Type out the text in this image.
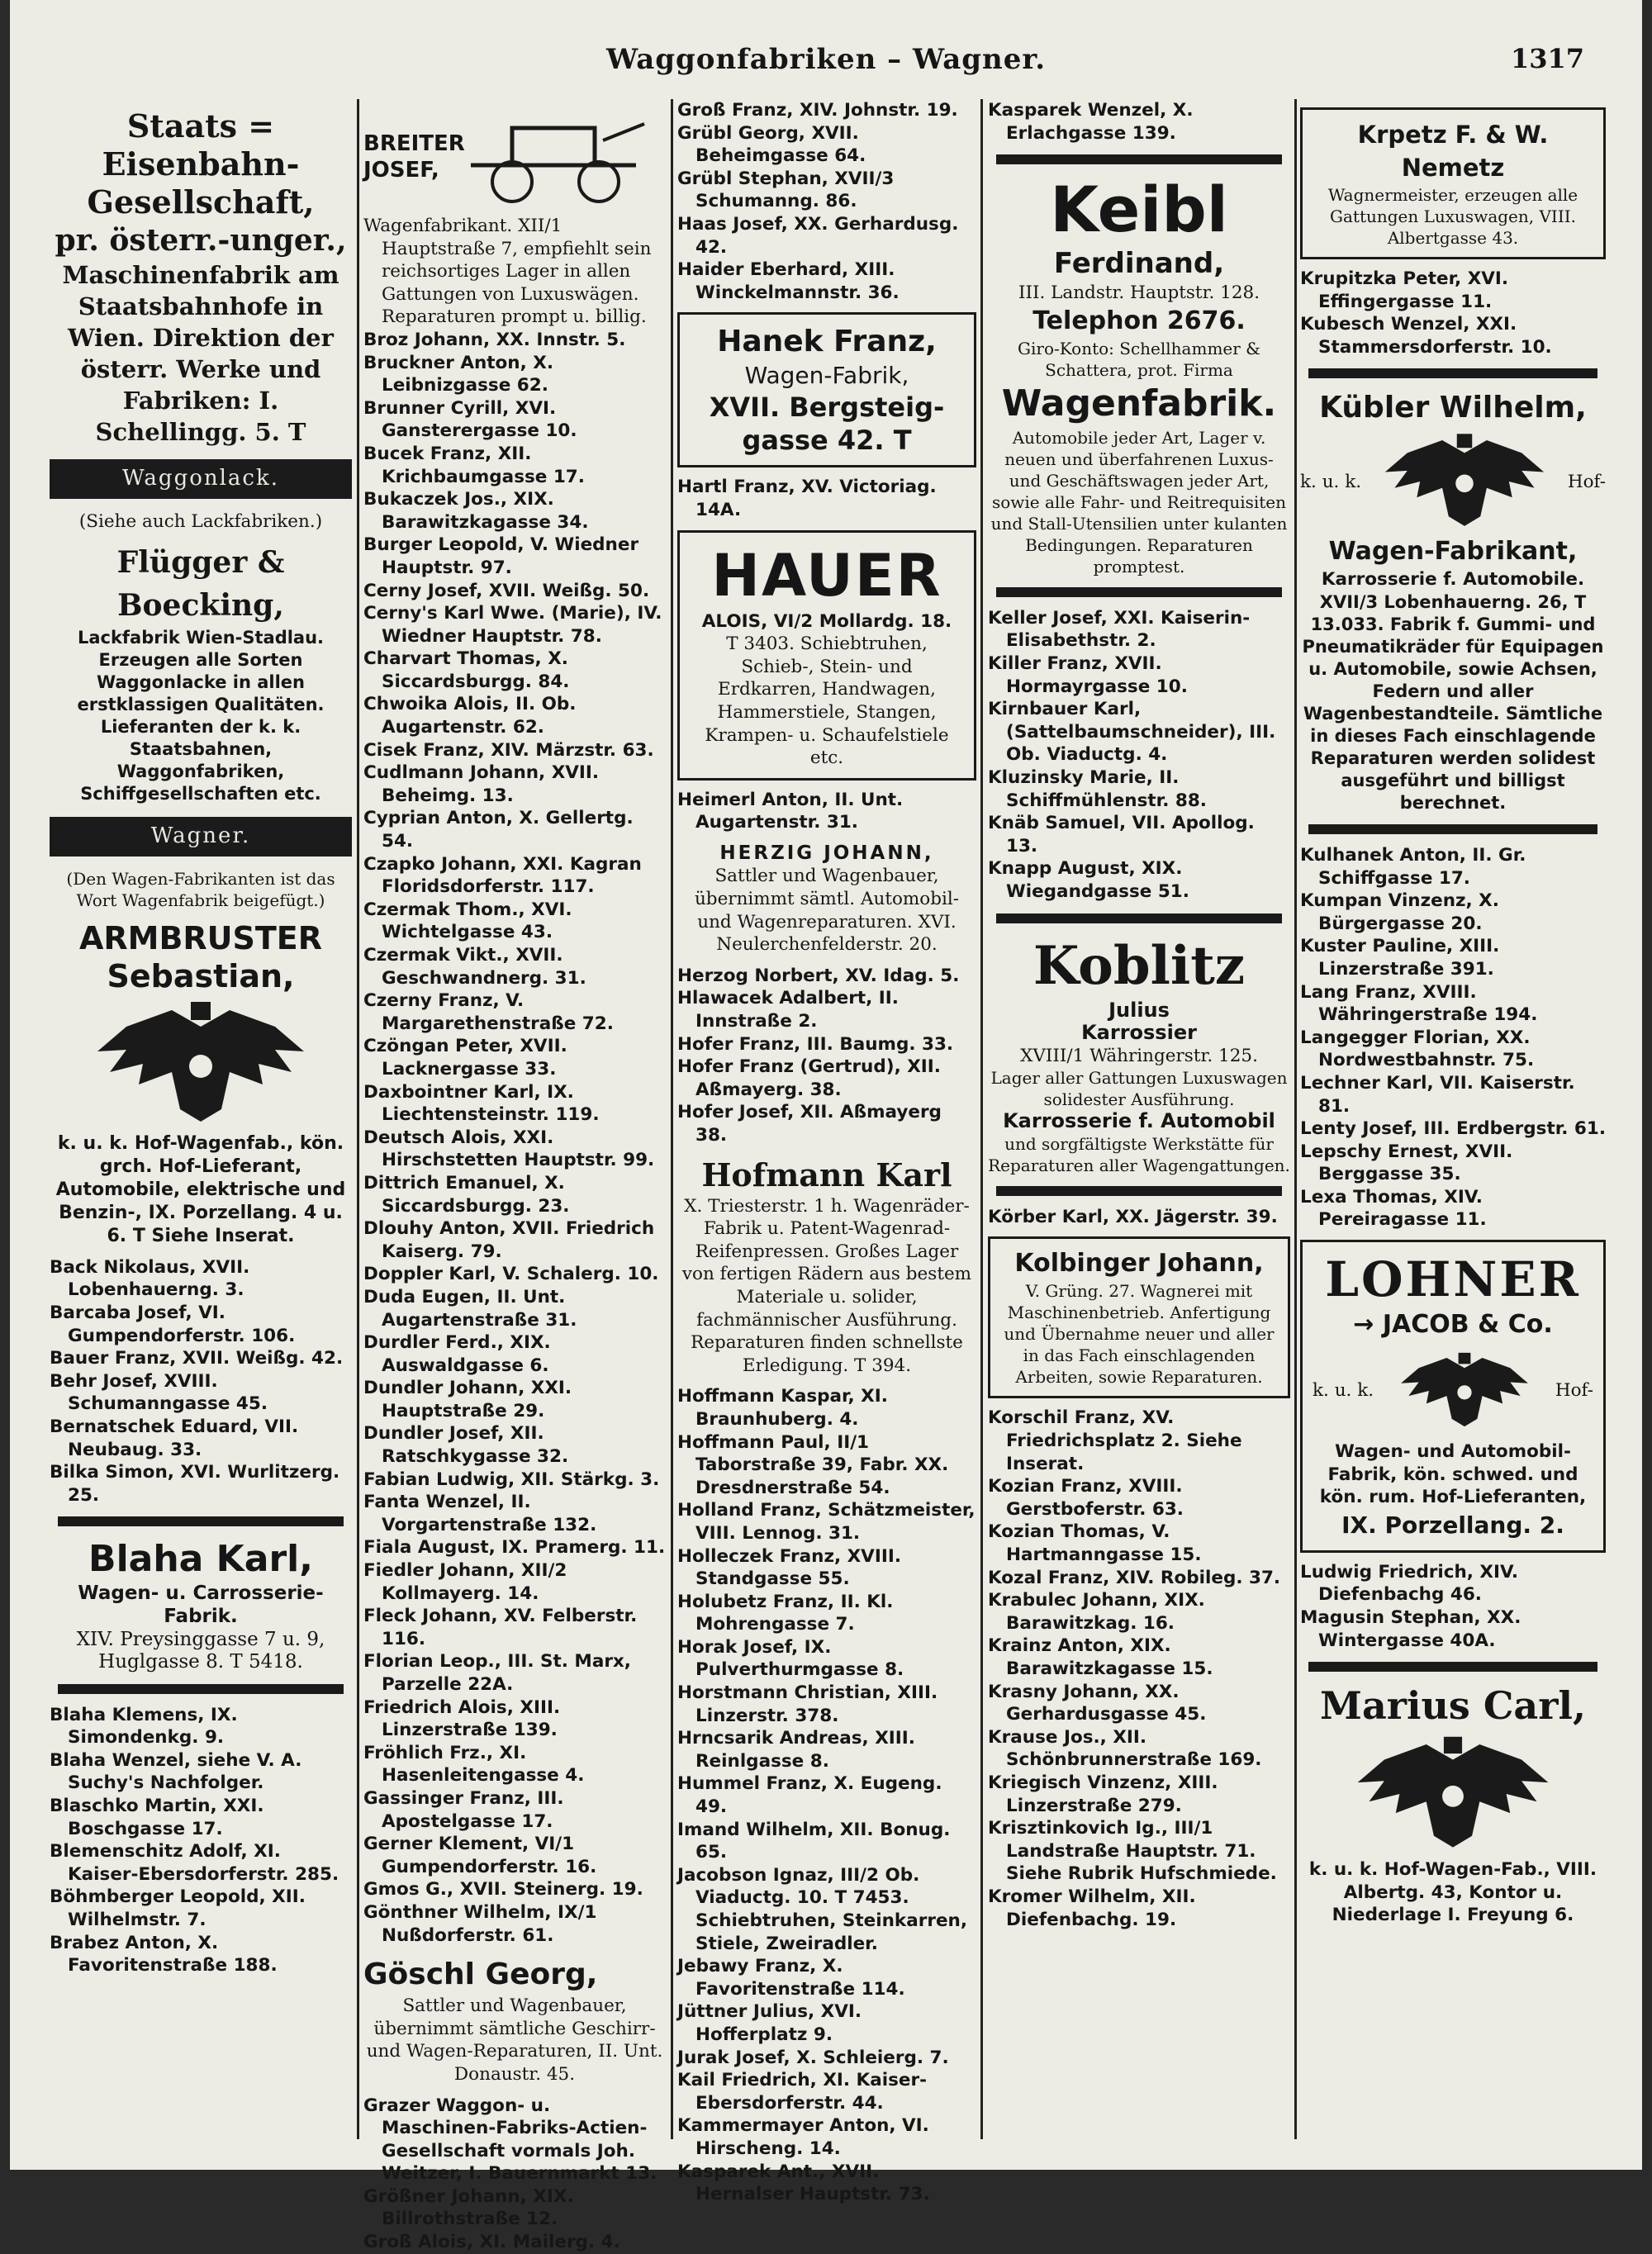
Waggonfabriken – Wagner.	1317
Staats = Eisenbahn-Gesellschaft,
pr. österr.-unger.,
Maschinenfabrik am Staatsbahnhofe in Wien. Direktion der österr. Werke und Fabriken: I. Schellingg. 5. T
Waggonlack.
(Siehe auch Lackfabriken.)
Flügger & Boecking,
Lackfabrik Wien-Stadlau. Erzeugen alle Sorten Waggonlacke in allen erstklassigen Qualitäten. Lieferanten der k. k. Staatsbahnen, Waggonfabriken, Schiffgesellschaften etc.
Wagner.
(Den Wagen-Fabrikanten ist das Wort Wagenfabrik beigefügt.)
ARMBRUSTER
Sebastian,
k. u. k. Hof-Wagenfab., kön. grch. Hof-Lieferant, Automobile, elektrische und Benzin-, IX. Porzellang. 4 u. 6. T Siehe Inserat.

Back Nikolaus, XVII. Lobenhauerng. 3.

Barcaba Josef, VI. Gumpendorferstr. 106.

Bauer Franz, XVII. Weißg. 42.

Behr Josef, XVIII. Schumanngasse 45.

Bernatschek Eduard, VII. Neubaug. 33.

Bilka Simon, XVI. Wurlitzerg. 25.

Blaha Karl,
Wagen- u. Carrosserie-Fabrik.
XIV. Preysinggasse 7 u. 9,
Huglgasse 8. T 5418.

Blaha Klemens, IX. Simondenkg. 9.

Blaha Wenzel, siehe V. A. Suchy's Nachfolger.

Blaschko Martin, XXI. Boschgasse 17.

Blemenschitz Adolf, XI. Kaiser-Ebersdorferstr. 285.

Böhmberger Leopold, XII. Wilhelmstr. 7.

Brabez Anton, X. Favoritenstraße 188.

BREITER
JOSEF,

Wagenfabrikant. XII/1 Hauptstraße 7, empfiehlt sein reichsortiges Lager in allen Gattungen von Luxuswägen. Reparaturen prompt u. billig.

Broz Johann, XX. Innstr. 5.

Bruckner Anton, X. Leibnizgasse 62.

Brunner Cyrill, XVI. Gansterergasse 10.

Bucek Franz, XII. Krichbaumgasse 17.

Bukaczek Jos., XIX. Barawitzkagasse 34.

Burger Leopold, V. Wiedner Hauptstr. 97.

Cerny Josef, XVII. Weißg. 50.

Cerny's Karl Wwe. (Marie), IV. Wiedner Hauptstr. 78.

Charvart Thomas, X. Siccardsburgg. 84.

Chwoika Alois, II. Ob. Augartenstr. 62.

Cisek Franz, XIV. Märzstr. 63.

Cudlmann Johann, XVII. Beheimg. 13.

Cyprian Anton, X. Gellertg. 54.

Czapko Johann, XXI. Kagran Floridsdorferstr. 117.

Czermak Thom., XVI. Wichtelgasse 43.

Czermak Vikt., XVII. Geschwandnerg. 31.

Czerny Franz, V. Margarethenstraße 72.

Czöngan Peter, XVII. Lacknergasse 33.

Daxbointner Karl, IX. Liechtensteinstr. 119.

Deutsch Alois, XXI. Hirschstetten Hauptstr. 99.

Dittrich Emanuel, X. Siccardsburgg. 23.

Dlouhy Anton, XVII. Friedrich Kaiserg. 79.

Doppler Karl, V. Schalerg. 10.

Duda Eugen, II. Unt. Augartenstraße 31.

Durdler Ferd., XIX. Auswaldgasse 6.

Dundler Johann, XXI. Hauptstraße 29.

Dundler Josef, XII. Ratschkygasse 32.

Fabian Ludwig, XII. Stärkg. 3.

Fanta Wenzel, II. Vorgartenstraße 132.

Fiala August, IX. Pramerg. 11.

Fiedler Johann, XII/2 Kollmayerg. 14.

Fleck Johann, XV. Felberstr. 116.

Florian Leop., III. St. Marx, Parzelle 22A.

Friedrich Alois, XIII. Linzerstraße 139.

Fröhlich Frz., XI. Hasenleitengasse 4.

Gassinger Franz, III. Apostelgasse 17.

Gerner Klement, VI/1 Gumpendorferstr. 16.

Gmos G., XVII. Steinerg. 19.

Gönthner Wilhelm, IX/1 Nußdorferstr. 61.

Göschl Georg,
Sattler und Wagenbauer, übernimmt sämtliche Geschirr- und Wagen-Reparaturen, II. Unt. Donaustr. 45.

Grazer Waggon- u. Maschinen-Fabriks-Actien-Gesellschaft vormals Joh. Weitzer, I. Bauernmarkt 13.

Größner Johann, XIX. Billrothstraße 12.

Groß Alois, XI. Mailerg. 4.

Groß Franz, XIV. Johnstr. 19.

Grübl Georg, XVII. Beheimgasse 64.

Grübl Stephan, XVII/3 Schumanng. 86.

Haas Josef, XX. Gerhardusg. 42.

Haider Eberhard, XIII. Winckelmannstr. 36.

Hanek Franz,
Wagen-Fabrik,
XVII. Bergsteig-
gasse 42. T

Hartl Franz, XV. Victoriag. 14A.

HAUER
ALOIS, VI/2 Mollardg. 18.
T 3403. Schiebtruhen, Schieb-, Stein- und Erdkarren, Handwagen, Hammerstiele, Stangen, Krampen- u. Schaufelstiele etc.

Heimerl Anton, II. Unt. Augartenstr. 31.

HERZIG JOHANN,
Sattler und Wagenbauer, übernimmt sämtl. Automobil- und Wagenreparaturen. XVI. Neulerchenfelderstr. 20.

Herzog Norbert, XV. Idag. 5.

Hlawacek Adalbert, II. Innstraße 2.

Hofer Franz, III. Baumg. 33.

Hofer Franz (Gertrud), XII. Aßmayerg. 38.

Hofer Josef, XII. Aßmayerg 38.

Hofmann Karl
X. Triesterstr. 1 h. Wagenräder-Fabrik u. Patent-Wagenrad-Reifenpressen. Großes Lager von fertigen Rädern aus bestem Materiale u. solider, fachmännischer Ausführung. Reparaturen finden schnellste Erledigung. T 394.

Hoffmann Kaspar, XI. Braunhuberg. 4.

Hoffmann Paul, II/1 Taborstraße 39, Fabr. XX. Dresdnerstraße 54.

Holland Franz, Schätzmeister, VIII. Lennog. 31.

Holleczek Franz, XVIII. Standgasse 55.

Holubetz Franz, II. Kl. Mohrengasse 7.

Horak Josef, IX. Pulverthurmgasse 8.

Horstmann Christian, XIII. Linzerstr. 378.

Hrncsarik Andreas, XIII. Reinlgasse 8.

Hummel Franz, X. Eugeng. 49.

Imand Wilhelm, XII. Bonug. 65.

Jacobson Ignaz, III/2 Ob. Viaductg. 10. T 7453. Schiebtruhen, Steinkarren, Stiele, Zweiradler.

Jebawy Franz, X. Favoritenstraße 114.

Jüttner Julius, XVI. Hofferplatz 9.

Jurak Josef, X. Schleierg. 7.

Kail Friedrich, XI. Kaiser-Ebersdorferstr. 44.

Kammermayer Anton, VI. Hirscheng. 14.

Kasparek Ant., XVII. Hernalser Hauptstr. 73.

Kasparek Wenzel, X. Erlachgasse 139.

Keibl
Ferdinand,
III. Landstr. Hauptstr. 128.
Telephon 2676.
Giro-Konto: Schellhammer & Schattera, prot. Firma
Wagenfabrik.
Automobile jeder Art, Lager v. neuen und überfahrenen Luxus- und Geschäftswagen jeder Art, sowie alle Fahr- und Reitrequisiten und Stall-Utensilien unter kulanten Bedingungen. Reparaturen promptest.

Keller Josef, XXI. Kaiserin-Elisabethstr. 2.

Killer Franz, XVII. Hormayrgasse 10.

Kirnbauer Karl, (Sattelbaumschneider), III. Ob. Viaductg. 4.

Kluzinsky Marie, II. Schiffmühlenstr. 88.

Knäb Samuel, VII. Apollog. 13.

Knapp August, XIX. Wiegandgasse 51.

Koblitz
Julius
Karrossier
XVIII/1 Währingerstr. 125.
Lager aller Gattungen Luxuswagen solidester Ausführung.
Karrosserie f. Automobil
und sorgfältigste Werkstätte für Reparaturen aller Wagengattungen.

Körber Karl, XX. Jägerstr. 39.

Kolbinger Johann,
V. Grüng. 27. Wagnerei mit Maschinenbetrieb. Anfertigung und Übernahme neuer und aller in das Fach einschlagenden Arbeiten, sowie Reparaturen.

Korschil Franz, XV. Friedrichsplatz 2. Siehe Inserat.

Kozian Franz, XVIII. Gerstboferstr. 63.

Kozian Thomas, V. Hartmanngasse 15.

Kozal Franz, XIV. Robileg. 37.

Krabulec Johann, XIX. Barawitzkag. 16.

Krainz Anton, XIX. Barawitzkagasse 15.

Krasny Johann, XX. Gerhardusgasse 45.

Krause Jos., XII. Schönbrunnerstraße 169.

Kriegisch Vinzenz, XIII. Linzerstraße 279.

Krisztinkovich Ig., III/1 Landstraße Hauptstr. 71. Siehe Rubrik Hufschmiede.

Kromer Wilhelm, XII. Diefenbachg. 19.

Krpetz F. & W. Nemetz
Wagnermeister, erzeugen alle Gattungen Luxuswagen, VIII. Albertgasse 43.

Krupitzka Peter, XVI. Effingergasse 11.

Kubesch Wenzel, XXI. Stammersdorferstr. 10.

Kübler Wilhelm,
k. u. k.	Hof-
Wagen-Fabrikant,
Karrosserie f. Automobile.
XVII/3 Lobenhauerng. 26, T 13.033. Fabrik f. Gummi- und Pneumatikräder für Equipagen u. Automobile, sowie Achsen, Federn und aller Wagenbestandteile. Sämtliche in dieses Fach einschlagende Reparaturen werden solidest ausgeführt und billigst berechnet.

Kulhanek Anton, II. Gr. Schiffgasse 17.

Kumpan Vinzenz, X. Bürgergasse 20.

Kuster Pauline, XIII. Linzerstraße 391.

Lang Franz, XVIII. Währingerstraße 194.

Langegger Florian, XX. Nordwestbahnstr. 75.

Lechner Karl, VII. Kaiserstr. 81.

Lenty Josef, III. Erdbergstr. 61.

Lepschy Ernest, XVII. Berggasse 35.

Lexa Thomas, XIV. Pereiragasse 11.

LOHNER
→ JACOB & Co.
k. u. k.	Hof-
Wagen- und Automobil-Fabrik, kön. schwed. und kön. rum. Hof-Lieferanten,
IX. Porzellang. 2.

Ludwig Friedrich, XIV. Diefenbachg 46.

Magusin Stephan, XX. Wintergasse 40A.

Marius Carl,
k. u. k. Hof-Wagen-Fab., VIII. Albertg. 43, Kontor u. Niederlage I. Freyung 6.
